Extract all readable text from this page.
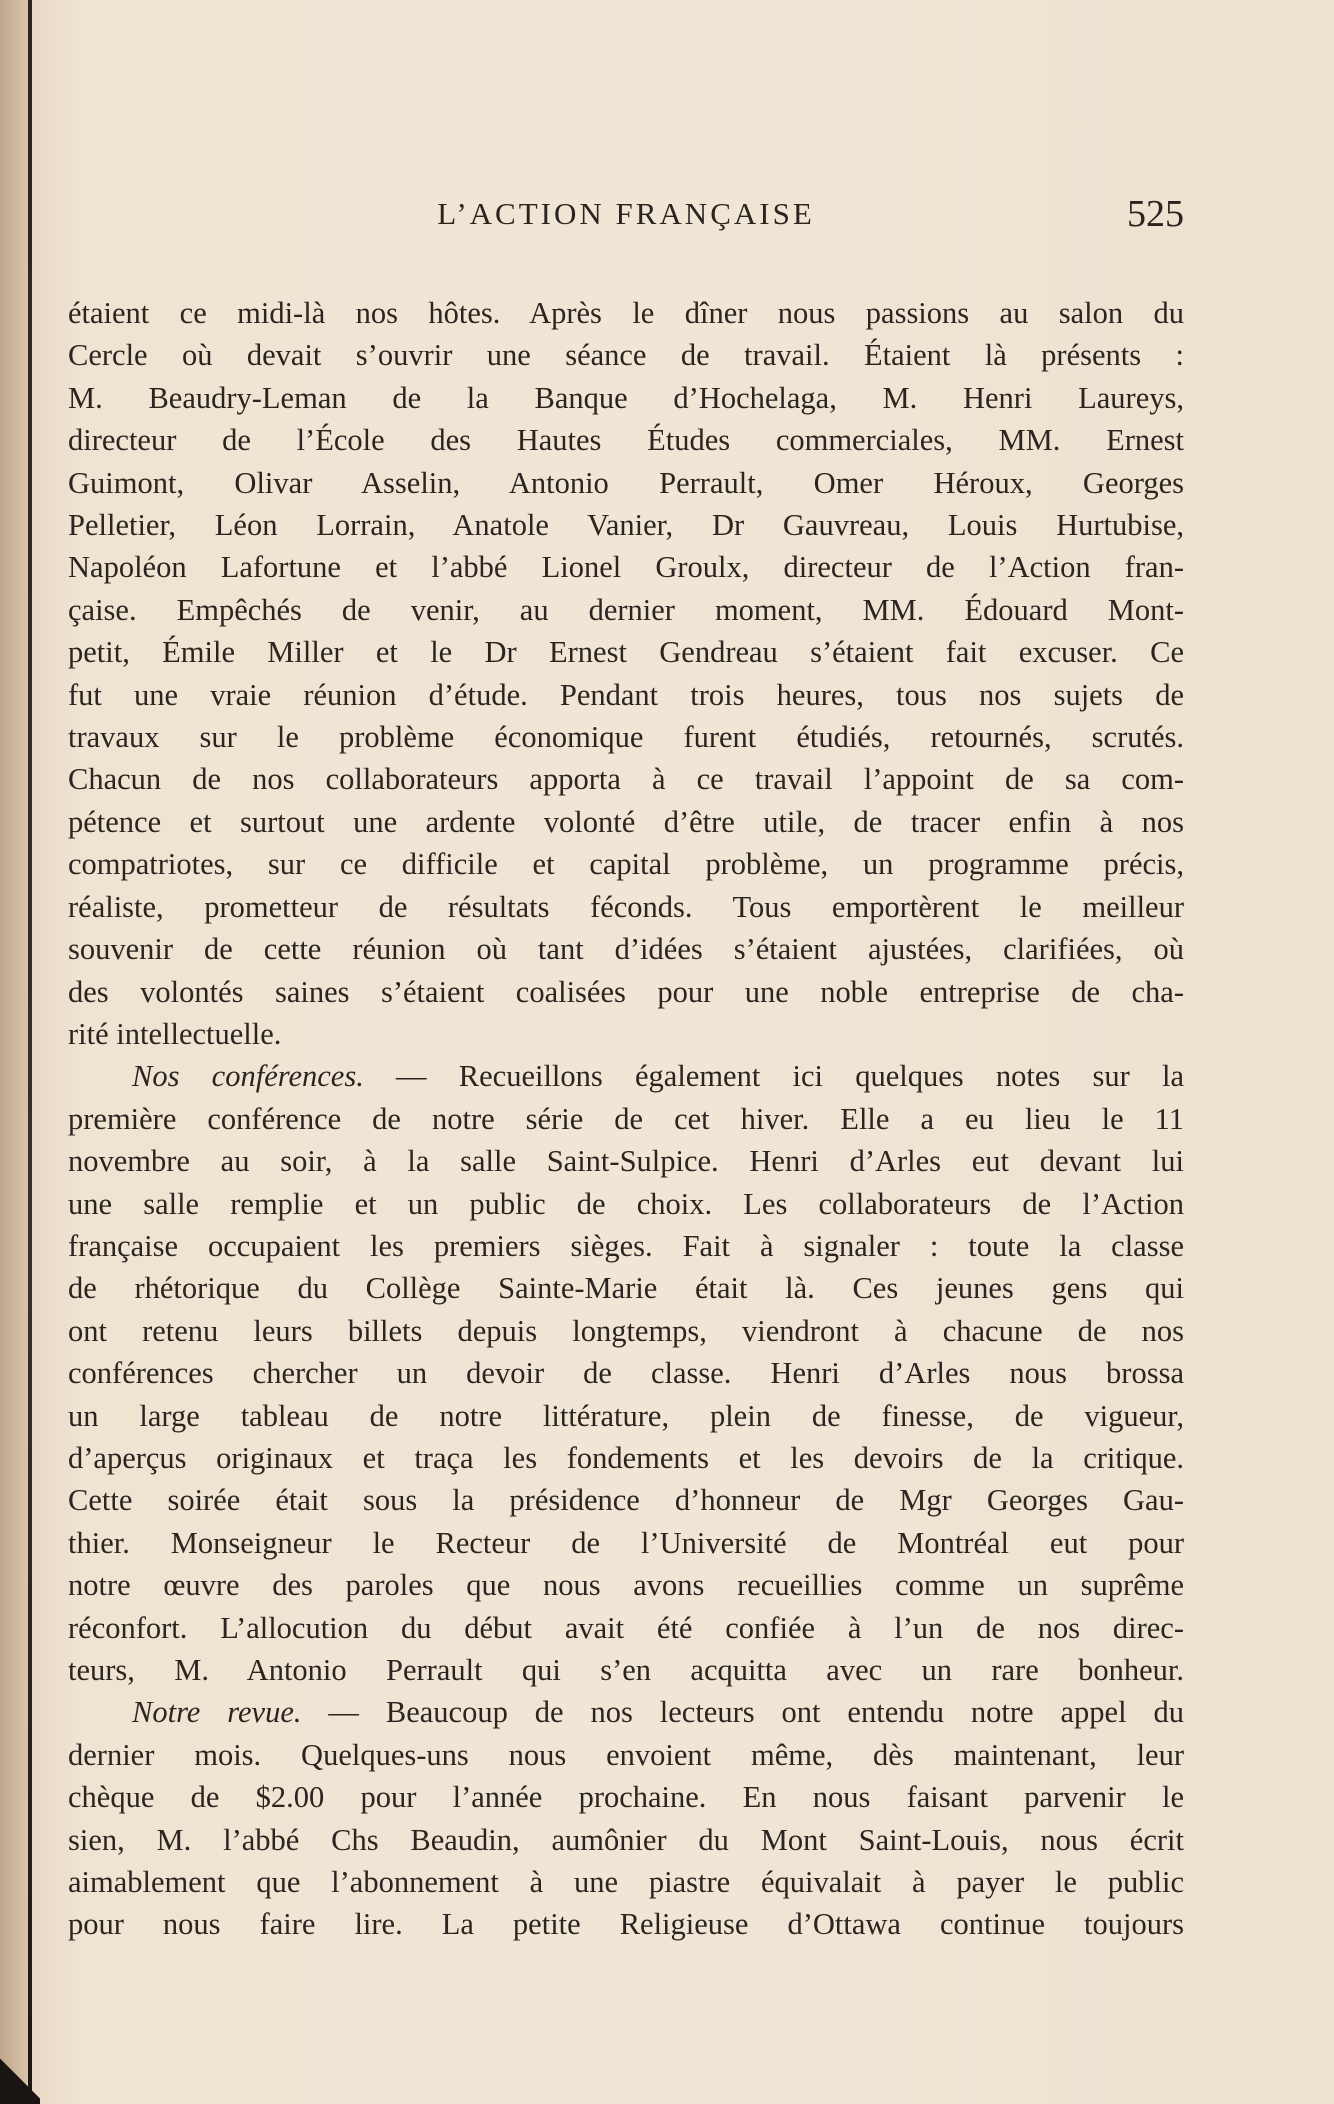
L’ACTION FRANÇAISE	525

étaient ce midi-là nos hôtes. Après le dîner nous passions au salon du

Cercle où devait s’ouvrir une séance de travail. Étaient là présents :

M. Beaudry-Leman de la Banque d’Hochelaga, M. Henri Laureys,

directeur de l’École des Hautes Études commerciales, MM. Ernest

Guimont, Olivar Asselin, Antonio Perrault, Omer Héroux, Georges

Pelletier, Léon Lorrain, Anatole Vanier, Dr Gauvreau, Louis Hurtubise,

Napoléon Lafortune et l’abbé Lionel Groulx, directeur de l’Action fran-

çaise. Empêchés de venir, au dernier moment, MM. Édouard Mont-

petit, Émile Miller et le Dr Ernest Gendreau s’étaient fait excuser. Ce

fut une vraie réunion d’étude. Pendant trois heures, tous nos sujets de

travaux sur le problème économique furent étudiés, retournés, scrutés.

Chacun de nos collaborateurs apporta à ce travail l’appoint de sa com-

pétence et surtout une ardente volonté d’être utile, de tracer enfin à nos

compatriotes, sur ce difficile et capital problème, un programme précis,

réaliste, prometteur de résultats féconds. Tous emportèrent le meilleur

souvenir de cette réunion où tant d’idées s’étaient ajustées, clarifiées, où

des volontés saines s’étaient coalisées pour une noble entreprise de cha-

rité intellectuelle.

Nos conférences. — Recueillons également ici quelques notes sur la

première conférence de notre série de cet hiver. Elle a eu lieu le 11

novembre au soir, à la salle Saint-Sulpice. Henri d’Arles eut devant lui

une salle remplie et un public de choix. Les collaborateurs de l’Action

française occupaient les premiers sièges. Fait à signaler : toute la classe

de rhétorique du Collège Sainte-Marie était là. Ces jeunes gens qui

ont retenu leurs billets depuis longtemps, viendront à chacune de nos

conférences chercher un devoir de classe. Henri d’Arles nous brossa

un large tableau de notre littérature, plein de finesse, de vigueur,

d’aperçus originaux et traça les fondements et les devoirs de la critique.

Cette soirée était sous la présidence d’honneur de Mgr Georges Gau-

thier. Monseigneur le Recteur de l’Université de Montréal eut pour

notre œuvre des paroles que nous avons recueillies comme un suprême

réconfort. L’allocution du début avait été confiée à l’un de nos direc-

teurs, M. Antonio Perrault qui s’en acquitta avec un rare bonheur.

Notre revue. — Beaucoup de nos lecteurs ont entendu notre appel du

dernier mois. Quelques-uns nous envoient même, dès maintenant, leur

chèque de $2.00 pour l’année prochaine. En nous faisant parvenir le

sien, M. l’abbé Chs Beaudin, aumônier du Mont Saint-Louis, nous écrit

aimablement que l’abonnement à une piastre équivalait à payer le public

pour nous faire lire. La petite Religieuse d’Ottawa continue toujours
